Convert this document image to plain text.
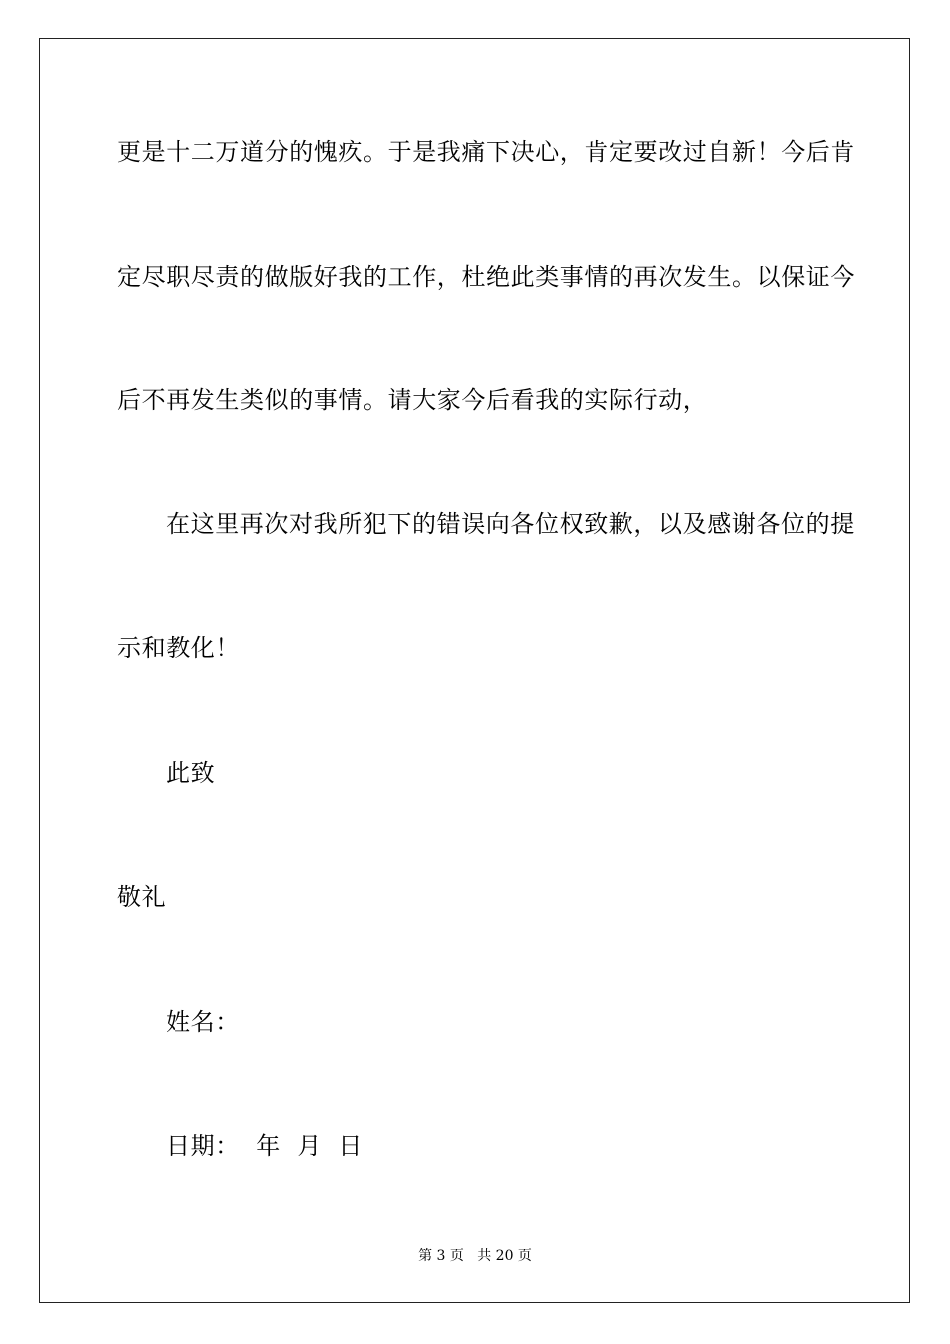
更是十二万道分的愧疚。于是我痛下决心，肯定要改过自新！今后肯
定尽职尽责的做版好我的工作，杜绝此类事情的再次发生。以保证今
后不再发生类似的事情。请大家今后看我的实际行动，
在这里再次对我所犯下的错误向各位权致歉，以及感谢各位的提
示和教化！
此致
敬礼
姓名：
日期：  年  月  日
第 3 页   共 20 页
